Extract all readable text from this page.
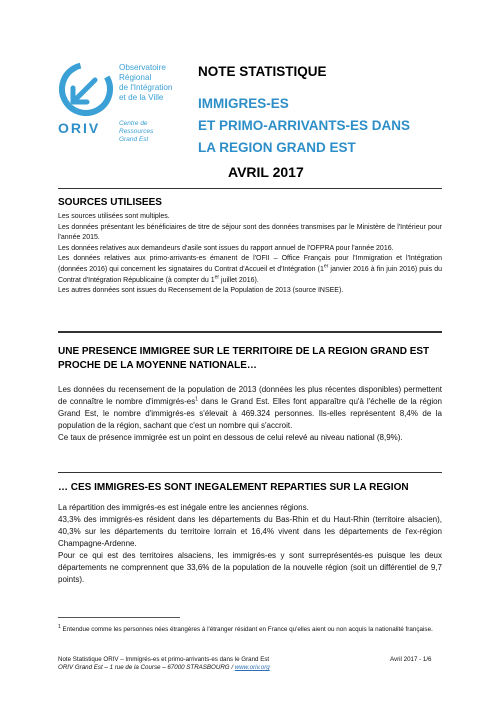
Observatoire
Régional
de l'Intégration
et de la Ville
ORIV	Centre de Ressources
Grand Est
NOTE STATISTIQUE
IMMIGRES-ES
ET PRIMO-ARRIVANTS-ES DANS
LA REGION GRAND EST
AVRIL 2017
SOURCES UTILISEES

Les sources utilisées sont multiples.

Les données présentant les bénéficiaires de titre de séjour sont des données transmises par le Ministère de l'Intérieur pour l'année 2015.

Les données relatives aux demandeurs d'asile sont issues du rapport annuel de l'OFPRA pour l'année 2016.

Les données relatives aux primo-arrivants-es émanent de l'OFII – Office Français pour l'Immigration et l'Intégration (données 2016) qui concernent les signataires du Contrat d'Accueil et d'Intégration (1er janvier 2016 à fin juin 2016) puis du Contrat d'Intégration Républicaine (à compter du 1er juillet 2016).

Les autres données sont issues du Recensement de la Population de 2013 (source INSEE).

UNE PRESENCE IMMIGREE SUR LE TERRITOIRE DE LA REGION GRAND EST
PROCHE DE LA MOYENNE NATIONALE…

Les données du recensement de la population de 2013 (données les plus récentes disponibles) permettent de connaître le nombre $d'immigrés-es^1$ dans le Grand Est. Elles font apparaître qu'à l'échelle de la région Grand Est, le nombre d'immigrés-es s'élevait à 469.324 personnes. Ils-elles représentent 8,4% de la population de la région, sachant que c'est un nombre qui s'accroit.

Ce taux de présence immigrée est un point en dessous de celui relevé au niveau national (8,9%).

… CES IMMIGRES-ES SONT INEGALEMENT REPARTIES SUR LA REGION

La répartition des immigrés-es est inégale entre les anciennes régions.

43,3% des immigrés-es résident dans les départements du Bas-Rhin et du Haut-Rhin (territoire alsacien), 40,3% sur les départements du territoire lorrain et 16,4% vivent dans les départements de l'ex-région Champagne-Ardenne.

Pour ce qui est des territoires alsaciens, les immigrés-es y sont surreprésentés-es puisque les deux départements ne comprennent que 33,6% de la population de la nouvelle région (soit un différentiel de 9,7 points).

$^1$ Entendue comme les personnes nées étrangères à l'étranger résidant en France qu'elles aient ou non acquis la nationalité française.
Note Statistique ORIV – Immigrés-es et primo-arrivants-es dans le Grand Est
ORIV Grand Est – 1 rue de la Course – 67000 STRASBOURG / www.oriv.org
Avril 2017 - 1/6
